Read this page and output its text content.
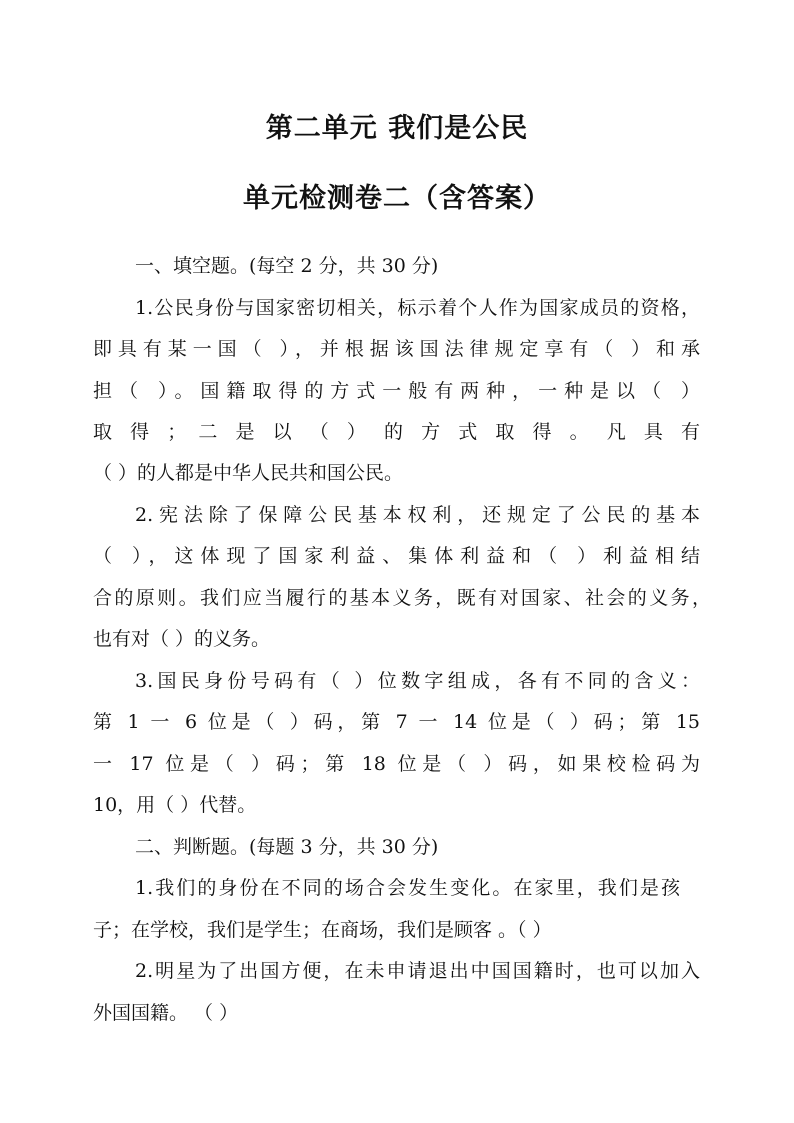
第二单元 我们是公民
单元检测卷二（含答案）

一、填空题。(每空 2 分，共 30 分)

1.公民身份与国家密切相关，标示着个人作为国家成员的资格，

即具有某一国（ ），并根据该国法律规定享有（ ）和承

担（ ）。国籍取得的方式一般有两种，一种是以（ ）

取 得 ； 二 是 以 （ ） 的 方 式 取 得 。 凡 具 有

（ ）的人都是中华人民共和国公民。

2.宪法除了保障公民基本权利，还规定了公民的基本

（ ），这体现了国家利益、集体利益和（ ）利益相结

合的原则。我们应当履行的基本义务，既有对国家、社会的义务，

也有对（ ）的义务。

3.国民身份号码有（ ）位数字组成，各有不同的含义：

第 1 一 6 位是（ ）码，第 7 一 14 位是（ ）码；第 15

一 17 位是（ ）码；第 18 位是（ ）码，如果校检码为

10，用（ ）代替。

二、判断题。(每题 3 分，共 30 分)

1.我们的身份在不同的场合会发生变化。在家里，我们是孩

子；在学校，我们是学生；在商场，我们是顾客 。（ ）

2.明星为了出国方便，在未申请退出中国国籍时，也可以加入

外国国籍。 （ ）
